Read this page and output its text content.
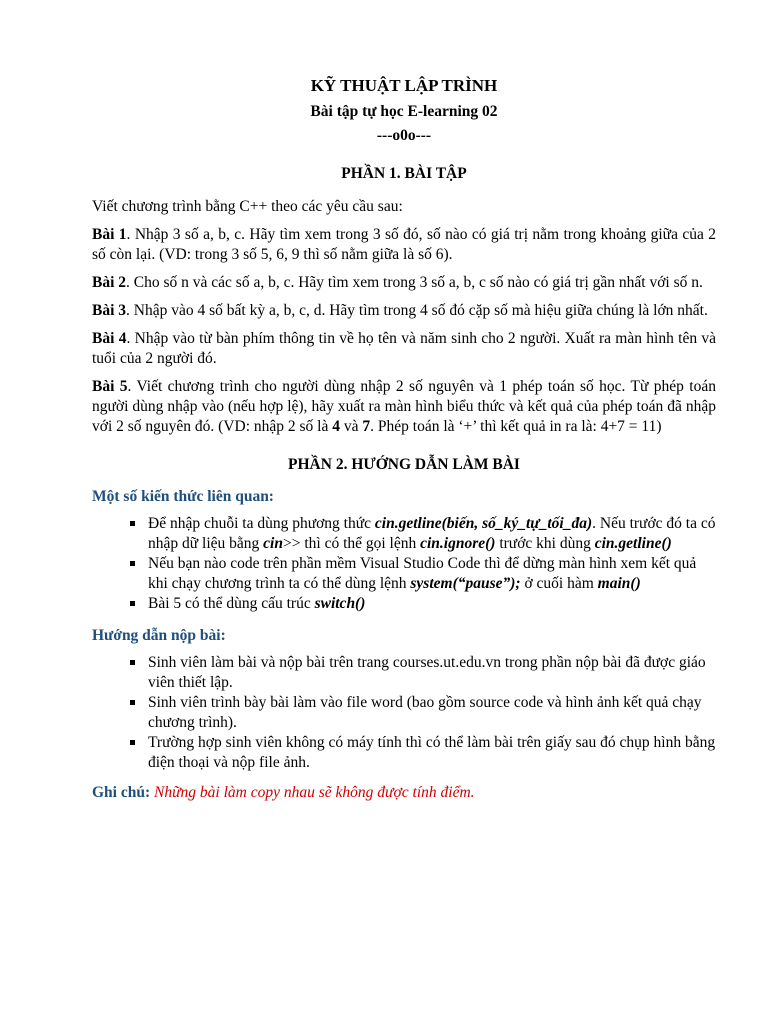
KỸ THUẬT LẬP TRÌNH

Bài tập tự học E-learning 02

---o0o---

PHẦN 1. BÀI TẬP

Viết chương trình bằng C++ theo các yêu cầu sau:

Bài 1. Nhập 3 số a, b, c. Hãy tìm xem trong 3 số đó, số nào có giá trị nằm trong khoảng giữa của 2 số còn lại. (VD: trong 3 số 5, 6, 9 thì số nằm giữa là số 6).

Bài 2. Cho số n và các số a, b, c. Hãy tìm xem trong 3 số a, b, c số nào có giá trị gần nhất với số n.

Bài 3. Nhập vào 4 số bất kỳ a, b, c, d. Hãy tìm trong 4 số đó cặp số mà hiệu giữa chúng là lớn nhất.

Bài 4. Nhập vào từ bàn phím thông tin về họ tên và năm sinh cho 2 người. Xuất ra màn hình tên và tuổi của 2 người đó.

Bài 5. Viết chương trình cho người dùng nhập 2 số nguyên và 1 phép toán số học. Từ phép toán người dùng nhập vào (nếu hợp lệ), hãy xuất ra màn hình biểu thức và kết quả của phép toán đã nhập với 2 số nguyên đó. (VD: nhập 2 số là 4 và 7. Phép toán là ‘+’ thì kết quả in ra là: 4+7 = 11)

PHẦN 2. HƯỚNG DẪN LÀM BÀI

Một số kiến thức liên quan:

Để nhập chuỗi ta dùng phương thức cin.getline(biến, số_ký_tự_tối_đa). Nếu trước đó ta có nhập dữ liệu bằng cin>> thì có thể gọi lệnh cin.ignore() trước khi dùng cin.getline()
Nếu bạn nào code trên phần mềm Visual Studio Code thì để dừng màn hình xem kết quả khi chạy chương trình ta có thể dùng lệnh system(“pause”); ở cuối hàm main()
Bài 5 có thể dùng cấu trúc switch()

Hướng dẫn nộp bài:

Sinh viên làm bài và nộp bài trên trang courses.ut.edu.vn trong phần nộp bài đã được giáo viên thiết lập.
Sinh viên trình bày bài làm vào file word (bao gồm source code và hình ảnh kết quả chạy chương trình).
Trường hợp sinh viên không có máy tính thì có thể làm bài trên giấy sau đó chụp hình bằng điện thoại và nộp file ảnh.

Ghi chú: Những bài làm copy nhau sẽ không được tính điểm.
